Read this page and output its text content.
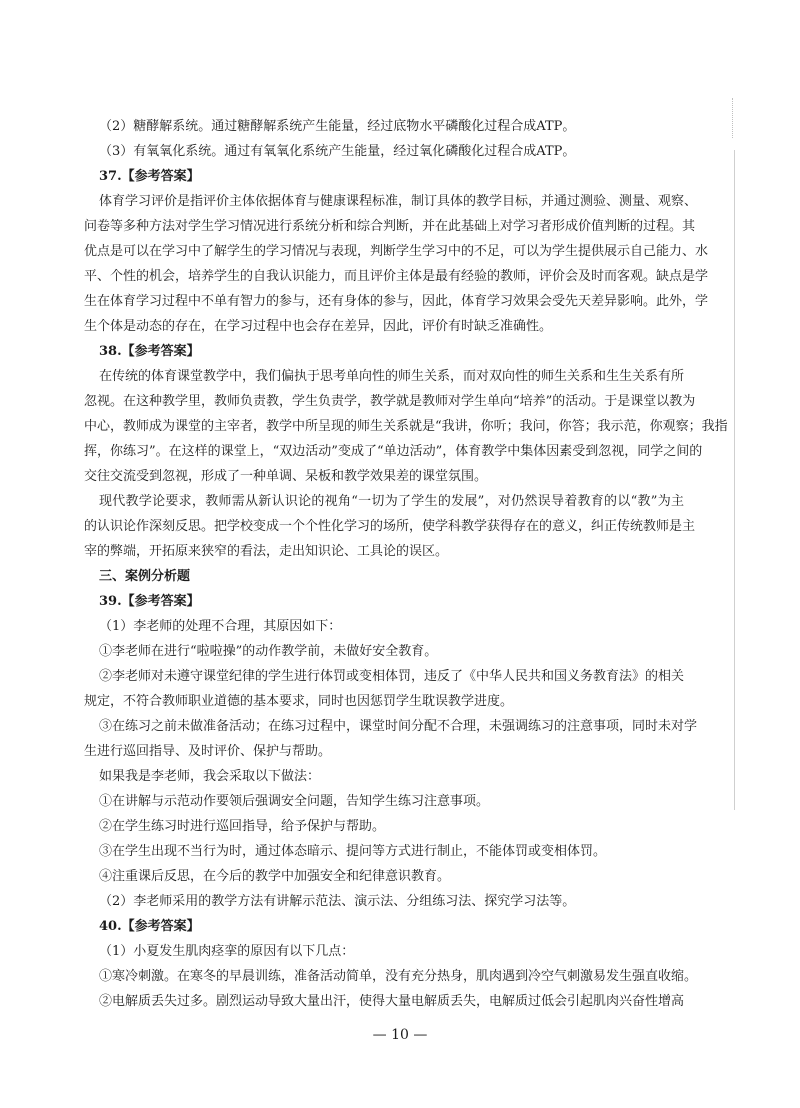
（2）糖酵解系统。通过糖酵解系统产生能量，经过底物水平磷酸化过程合成ATP。
（3）有氧氧化系统。通过有氧氧化系统产生能量，经过氧化磷酸化过程合成ATP。
37.【参考答案】
体育学习评价是指评价主体依据体育与健康课程标准，制订具体的教学目标，并通过测验、测量、观察、
问卷等多种方法对学生学习情况进行系统分析和综合判断，并在此基础上对学习者形成价值判断的过程。其
优点是可以在学习中了解学生的学习情况与表现，判断学生学习中的不足，可以为学生提供展示自己能力、水
平、个性的机会，培养学生的自我认识能力，而且评价主体是最有经验的教师，评价会及时而客观。缺点是学
生在体育学习过程中不单有智力的参与，还有身体的参与，因此，体育学习效果会受先天差异影响。此外，学
生个体是动态的存在，在学习过程中也会存在差异，因此，评价有时缺乏准确性。
38.【参考答案】
在传统的体育课堂教学中，我们偏执于思考单向性的师生关系，而对双向性的师生关系和生生关系有所
忽视。在这种教学里，教师负责教，学生负责学，教学就是教师对学生单向“培养”的活动。于是课堂以教为
中心，教师成为课堂的主宰者，教学中所呈现的师生关系就是“我讲，你听；我问，你答；我示范，你观察；我指
挥，你练习”。在这样的课堂上，“双边活动”变成了“单边活动”，体育教学中集体因素受到忽视，同学之间的
交往交流受到忽视，形成了一种单调、呆板和教学效果差的课堂氛围。
现代教学论要求，教师需从新认识论的视角“一切为了学生的发展”，对仍然误导着教育的以“教”为主
的认识论作深刻反思。把学校变成一个个性化学习的场所，使学科教学获得存在的意义，纠正传统教师是主
宰的弊端，开拓原来狭窄的看法，走出知识论、工具论的误区。
三、案例分析题
39.【参考答案】
（1）李老师的处理不合理，其原因如下：
①李老师在进行“啦啦操”的动作教学前，未做好安全教育。
②李老师对未遵守课堂纪律的学生进行体罚或变相体罚，违反了《中华人民共和国义务教育法》的相关
规定，不符合教师职业道德的基本要求，同时也因惩罚学生耽误教学进度。
③在练习之前未做准备活动；在练习过程中，课堂时间分配不合理，未强调练习的注意事项，同时未对学
生进行巡回指导、及时评价、保护与帮助。
如果我是李老师，我会采取以下做法：
①在讲解与示范动作要领后强调安全问题，告知学生练习注意事项。
②在学生练习时进行巡回指导，给予保护与帮助。
③在学生出现不当行为时，通过体态暗示、提问等方式进行制止，不能体罚或变相体罚。
④注重课后反思，在今后的教学中加强安全和纪律意识教育。
（2）李老师采用的教学方法有讲解示范法、演示法、分组练习法、探究学习法等。
40.【参考答案】
（1）小夏发生肌肉痉挛的原因有以下几点：
①寒冷刺激。在寒冬的早晨训练，准备活动简单，没有充分热身，肌肉遇到冷空气刺激易发生强直收缩。
②电解质丢失过多。剧烈运动导致大量出汗，使得大量电解质丢失，电解质过低会引起肌肉兴奋性增高
— 10 —
